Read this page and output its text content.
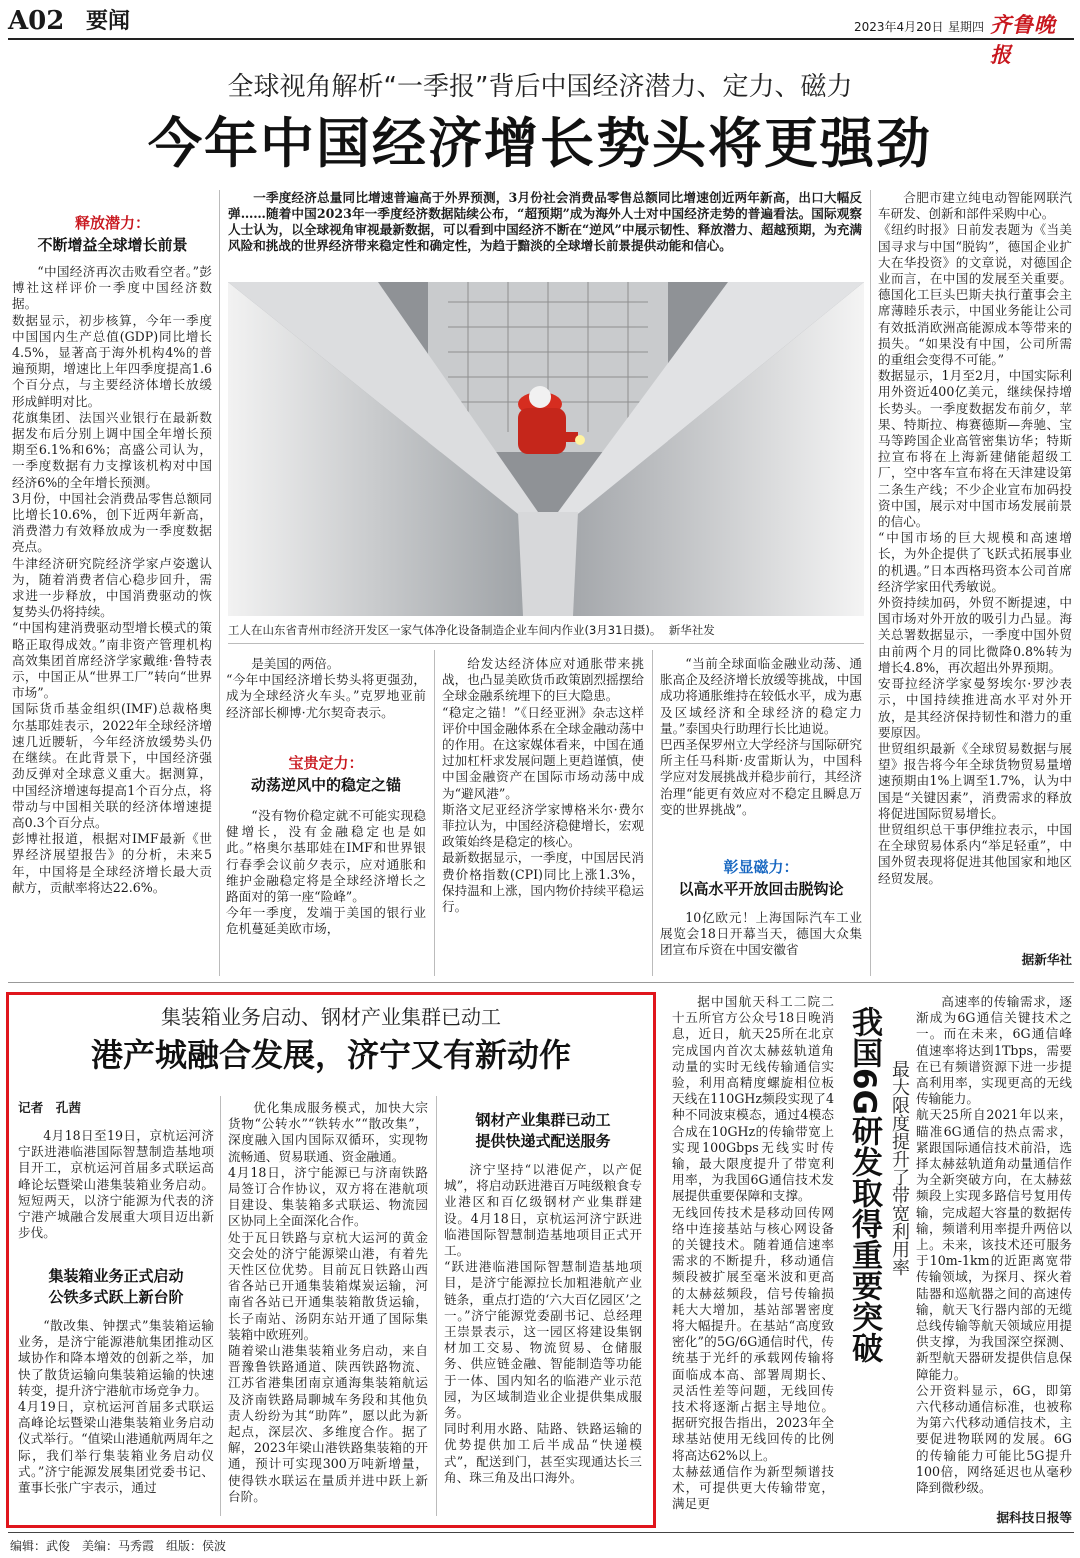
A02 要闻	2023年4月20日 星期四 齐鲁晚报
全球视角解析“一季报”背后中国经济潜力、定力、磁力
今年中国经济增长势头将更强劲
释放潜力：
不断增益全球增长前景
“中国经济再次击败看空者。”彭博社这样评价一季度中国经济数据。
数据显示，初步核算，今年一季度中国国内生产总值(GDP)同比增长4.5%，显著高于海外机构4%的普遍预期，增速比上年四季度提高1.6个百分点，与主要经济体增长放缓形成鲜明对比。
花旗集团、法国兴业银行在最新数据发布后分别上调中国全年增长预期至6.1%和6%；高盛公司认为，一季度数据有力支撑该机构对中国经济6%的全年增长预测。
3月份，中国社会消费品零售总额同比增长10.6%，创下近两年新高，消费潜力有效释放成为一季度数据亮点。
牛津经济研究院经济学家卢姿邈认为，随着消费者信心稳步回升，需求进一步释放，中国消费驱动的恢复势头仍将持续。
“中国构建消费驱动型增长模式的策略正取得成效。”南非资产管理机构高效集团首席经济学家戴维·鲁特表示，中国正从“世界工厂”转向“世界市场”。
国际货币基金组织(IMF)总裁格奥尔基耶娃表示，2022年全球经济增速几近腰斩，今年经济放缓势头仍在继续。在此背景下，中国经济强劲反弹对全球意义重大。据测算，中国经济增速每提高1个百分点，将带动与中国相关联的经济体增速提高0.3个百分点。
彭博社报道，根据对IMF最新《世界经济展望报告》的分析，未来5年，中国将是全球经济增长最大贡献方，贡献率将达22.6%。
一季度经济总量同比增速普遍高于外界预测，3月份社会消费品零售总额同比增速创近两年新高，出口大幅反弹……随着中国2023年一季度经济数据陆续公布，“超预期”成为海外人士对中国经济走势的普遍看法。国际观察人士认为，以全球视角审视最新数据，可以看到中国经济不断在“逆风”中展示韧性、释放潜力、超越预期，为充满风险和挑战的世界经济带来稳定性和确定性，为趋于黯淡的全球增长前景提供动能和信心。
工人在山东省青州市经济开发区一家气体净化设备制造企业车间内作业(3月31日摄)。  新华社发
是美国的两倍。
“今年中国经济增长势头将更强劲，成为全球经济火车头。”克罗地亚前经济部长柳博·尤尔契奇表示。
宝贵定力：
动荡逆风中的稳定之锚
“没有物价稳定就不可能实现稳健增长，没有金融稳定也是如此。”格奥尔基耶娃在IMF和世界银行春季会议前夕表示，应对通胀和维护金融稳定将是全球经济增长之路面对的第一座“险峰”。
今年一季度，发端于美国的银行业危机蔓延美欧市场，
给发达经济体应对通胀带来挑战，也凸显美欧货币政策剧烈摇摆给全球金融系统埋下的巨大隐患。
“稳定之锚！”《日经亚洲》杂志这样评价中国金融体系在全球金融动荡中的作用。在这家媒体看来，中国在通过加杠杆求发展问题上更趋谨慎，使中国金融资产在国际市场动荡中成为“避风港”。
斯洛文尼亚经济学家博格米尔·费尔菲拉认为，中国经济稳健增长，宏观政策始终是稳定的核心。
最新数据显示，一季度，中国居民消费价格指数(CPI)同比上涨1.3%，保持温和上涨，国内物价持续平稳运行。
“当前全球面临金融业动荡、通胀高企及经济增长放缓等挑战，中国成功将通胀维持在较低水平，成为惠及区域经济和全球经济的稳定力量。”泰国央行助理行长比迪说。
巴西圣保罗州立大学经济与国际研究所主任马科斯·皮雷斯认为，中国科学应对发展挑战并稳步前行，其经济治理“能更有效应对不稳定且瞬息万变的世界挑战”。
彰显磁力：
以高水平开放回击脱钩论
10亿欧元！上海国际汽车工业展览会18日开幕当天，德国大众集团宣布斥资在中国安徽省
合肥市建立纯电动智能网联汽车研发、创新和部件采购中心。
《纽约时报》日前发表题为《当美国寻求与中国“脱钩”，德国企业扩大在华投资》的文章说，对德国企业而言，在中国的发展至关重要。德国化工巨头巴斯夫执行董事会主席薄睦乐表示，中国业务能让公司有效抵消欧洲高能源成本等带来的损失。“如果没有中国，公司所需的重组会变得不可能。”
数据显示，1月至2月，中国实际利用外资近400亿美元，继续保持增长势头。一季度数据发布前夕，苹果、特斯拉、梅赛德斯—奔驰、宝马等跨国企业高管密集访华；特斯拉宣布将在上海新建储能超级工厂，空中客车宣布将在天津建设第二条生产线；不少企业宣布加码投资中国，展示对中国市场发展前景的信心。
“中国市场的巨大规模和高速增长，为外企提供了飞跃式拓展事业的机遇。”日本西格玛资本公司首席经济学家田代秀敏说。
外资持续加码，外贸不断提速，中国市场对外开放的吸引力凸显。海关总署数据显示，一季度中国外贸由前两个月的同比微降0.8%转为增长4.8%，再次超出外界预期。
安哥拉经济学家曼努埃尔·罗沙表示，中国持续推进高水平对外开放，是其经济保持韧性和潜力的重要原因。
世贸组织最新《全球贸易数据与展望》报告将今年全球货物贸易量增速预期由1%上调至1.7%，认为中国是“关键因素”，消费需求的释放将促进国际贸易增长。
世贸组织总干事伊维拉表示，中国在全球贸易体系内“举足轻重”，中国外贸表现将促进其他国家和地区经贸发展。
据新华社
集装箱业务启动、钢材产业集群已动工
港产城融合发展，济宁又有新动作
记者　孔茜
4月18日至19日，京杭运河济宁跃进港临港国际智慧制造基地项目开工，京杭运河首届多式联运高峰论坛暨梁山港集装箱业务启动。短短两天，以济宁能源为代表的济宁港产城融合发展重大项目迈出新步伐。
集装箱业务正式启动
公铁多式跃上新台阶
“散改集、钟摆式”集装箱运输业务，是济宁能源港航集团推动区域协作和降本增效的创新之举，加快了散货运输向集装箱运输的快速转变，提升济宁港航市场竞争力。
4月19日，京杭运河首届多式联运高峰论坛暨梁山港集装箱业务启动仪式举行。“值梁山港通航两周年之际，我们举行集装箱业务启动仪式。”济宁能源发展集团党委书记、董事长张广宇表示，通过
优化集成服务模式，加快大宗货物“公转水”“铁转水”“散改集”，深度融入国内国际双循环，实现物流畅通、贸易联通、资金融通。
4月18日，济宁能源已与济南铁路局签订合作协议，双方将在港航项目建设、集装箱多式联运、物流园区协同上全面深化合作。
处于瓦日铁路与京杭大运河的黄金交会处的济宁能源梁山港，有着先天性区位优势。目前瓦日铁路山西省各站已开通集装箱煤炭运输，河南省各站已开通集装箱散货运输，长子南站、汤阴东站开通了国际集装箱中欧班列。
随着梁山港集装箱业务启动，来自晋豫鲁铁路通道、陕西铁路物流、江苏省港集团南京通海集装箱航运及济南铁路局聊城车务段和其他负责人纷纷为其“助阵”，愿以此为新起点，深层次、多维度合作。据了解，2023年梁山港铁路集装箱的开通，预计可实现300万吨新增量，使得铁水联运在量质并进中跃上新台阶。
钢材产业集群已动工
提供快递式配送服务
济宁坚持“以港促产，以产促城”，将启动跃进港百万吨级粮食专业港区和百亿级钢材产业集群建设。4月18日，京杭运河济宁跃进临港国际智慧制造基地项目正式开工。
“跃进港临港国际智慧制造基地项目，是济宁能源拉长加粗港航产业链条，重点打造的‘六大百亿园区’之一。”济宁能源党委副书记、总经理王崇景表示，这一园区将建设集钢材加工交易、物流贸易、仓储服务、供应链金融、智能制造等功能于一体、国内知名的临港产业示范园，为区域制造业企业提供集成服务。
同时利用水路、陆路、铁路运输的优势提供加工后半成品“快递模式”，配送到门，甚至实现通达长三角、珠三角及出口海外。
据中国航天科工二院二十五所官方公众号18日晚消息，近日，航天25所在北京完成国内首次太赫兹轨道角动量的实时无线传输通信实验，利用高精度螺旋相位板天线在110GHz频段实现了4种不同波束模态，通过4模态合成在10GHz的传输带宽上实现100Gbps无线实时传输，最大限度提升了带宽利用率，为我国6G通信技术发展提供重要保障和支撑。
无线回传技术是移动回传网络中连接基站与核心网设备的关键技术。随着通信速率需求的不断提升，移动通信频段被扩展至毫米波和更高的太赫兹频段，信号传输损耗大大增加，基站部署密度将大幅提升。在基站“高度致密化”的5G/6G通信时代，传统基于光纤的承载网传输将面临成本高、部署周期长、灵活性差等问题，无线回传技术将逐渐占据主导地位。据研究报告指出，2023年全球基站使用无线回传的比例将高达62%以上。
太赫兹通信作为新型频谱技术，可提供更大传输带宽，满足更
我国6G研发取得重要突破 最大限度提升了带宽利用率
高速率的传输需求，逐渐成为6G通信关键技术之一。而在未来，6G通信峰值速率将达到1Tbps，需要在已有频谱资源下进一步提高利用率，实现更高的无线传输能力。
航天25所自2021年以来，瞄准6G通信的热点需求，紧跟国际通信技术前沿，选择太赫兹轨道角动量通信作为全新突破方向，在太赫兹频段上实现多路信号复用传输，完成超大容量的数据传输，频谱利用率提升两倍以上。未来，该技术还可服务于10m-1km的近距离宽带传输领域，为探月、探火着陆器和巡航器之间的高速传输，航天飞行器内部的无缆总线传输等航天领域应用提供支撑，为我国深空探测、新型航天器研发提供信息保障能力。
公开资料显示，6G，即第六代移动通信标准，也被称为第六代移动通信技术，主要促进物联网的发展。6G的传输能力可能比5G提升100倍，网络延迟也从毫秒降到微秒级。
据科技日报等
编辑：武俊　美编：马秀霞　组版：侯波
